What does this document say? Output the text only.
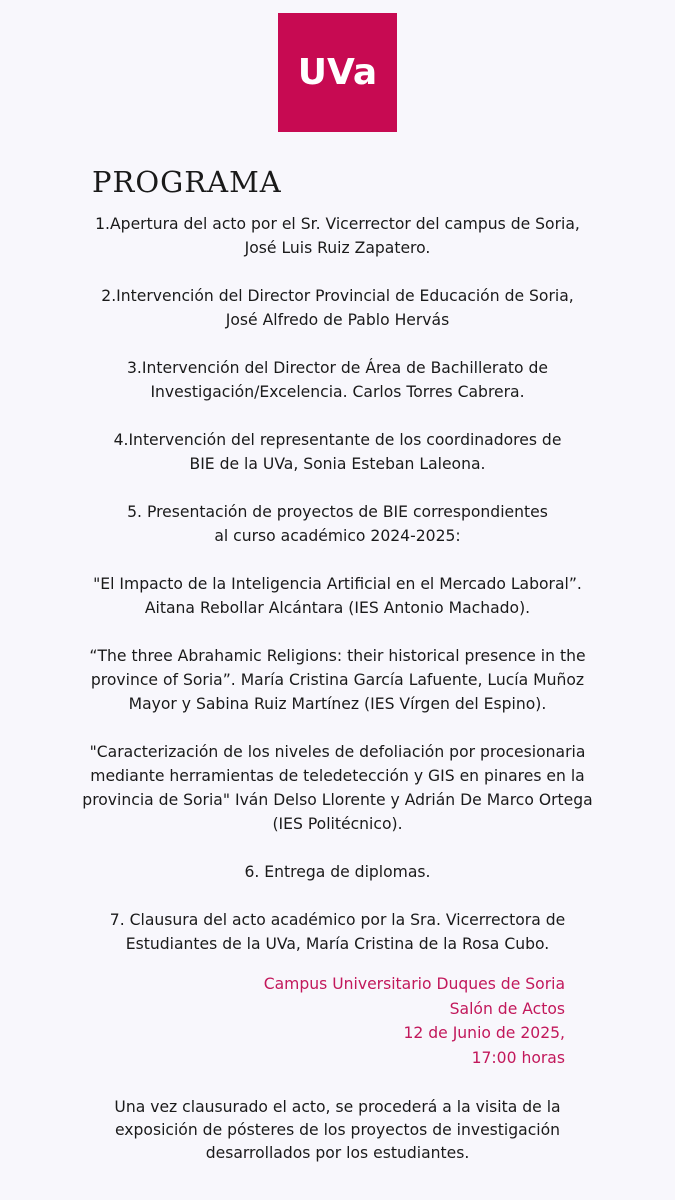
UVa
PROGRAMA
1.Apertura del acto por el Sr. Vicerrector del campus de Soria,
José Luis Ruiz Zapatero.
2.Intervención del Director Provincial de Educación de Soria,
José Alfredo de Pablo Hervás
3.Intervención del Director de Área de Bachillerato de
Investigación/Excelencia. Carlos Torres Cabrera.
4.Intervención del representante de los coordinadores de
BIE de la UVa, Sonia Esteban Laleona.
5. Presentación de proyectos de BIE correspondientes
al curso académico 2024-2025:
"El Impacto de la Inteligencia Artificial en el Mercado Laboral”.
Aitana Rebollar Alcántara (IES Antonio Machado).
“The three Abrahamic Religions: their historical presence in the
province of Soria”. María Cristina García Lafuente, Lucía Muñoz
Mayor y Sabina Ruiz Martínez (IES Vírgen del Espino).
"Caracterización de los niveles de defoliación por procesionaria
mediante herramientas de teledetección y GIS en pinares en la
provincia de Soria" Iván Delso Llorente y Adrián De Marco Ortega
(IES Politécnico).
6. Entrega de diplomas.
7. Clausura del acto académico por la Sra. Vicerrectora de
Estudiantes de la UVa, María Cristina de la Rosa Cubo.
Campus Universitario Duques de Soria
Salón de Actos
12 de Junio de 2025,
17:00 horas
Una vez clausurado el acto, se procederá a la visita de la
exposición de pósteres de los proyectos de investigación
desarrollados por los estudiantes.
